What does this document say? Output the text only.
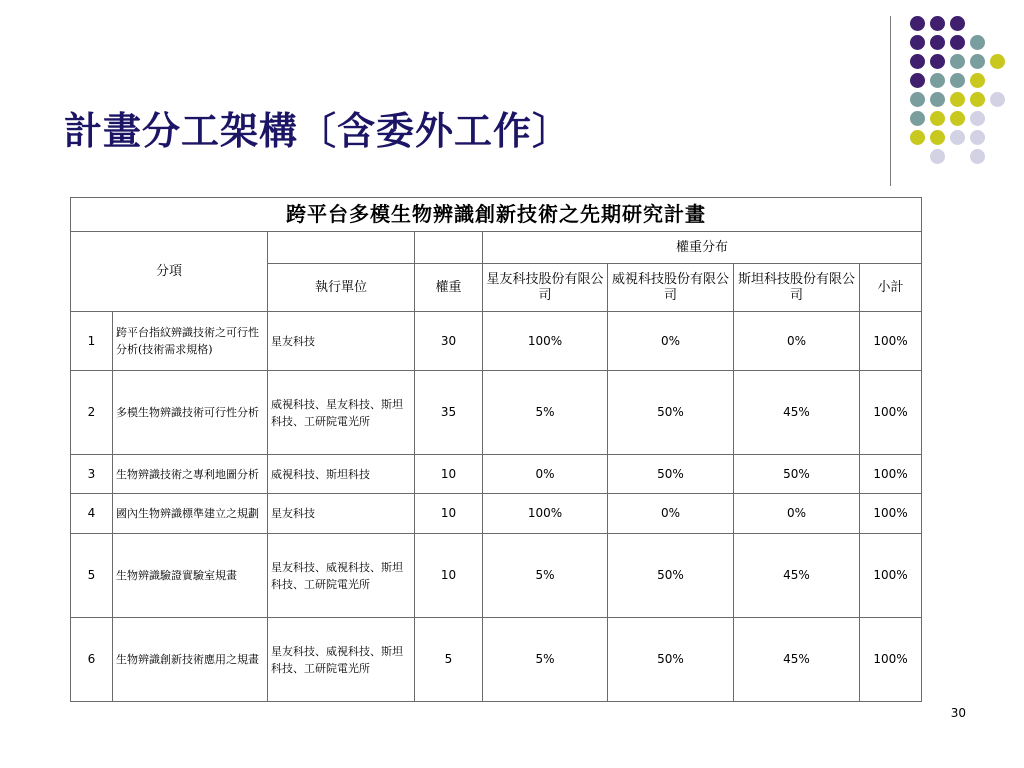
計畫分工架構〔含委外工作〕
跨平台多模生物辨識創新技術之先期研究計畫							
分項				權重分布			
		執行單位	權重	星友科技股份有限公司	威視科技股份有限公司	斯坦科技股份有限公司	小計
1	跨平台指紋辨識技術之可行性分析(技術需求規格)	星友科技	30	100%	0%	0%	100%
2	多模生物辨識技術可行性分析	威視科技、星友科技、斯坦科技、工研院電光所	35	5%	50%	45%	100%
3	生物辨識技術之專利地圖分析	威視科技、斯坦科技	10	0%	50%	50%	100%
4	國內生物辨識標準建立之規劃	星友科技	10	100%	0%	0%	100%
5	生物辨識驗證實驗室規畫	星友科技、威視科技、斯坦科技、工研院電光所	10	5%	50%	45%	100%
6	生物辨識創新技術應用之規畫	星友科技、威視科技、斯坦科技、工研院電光所	5	5%	50%	45%	100%
30
